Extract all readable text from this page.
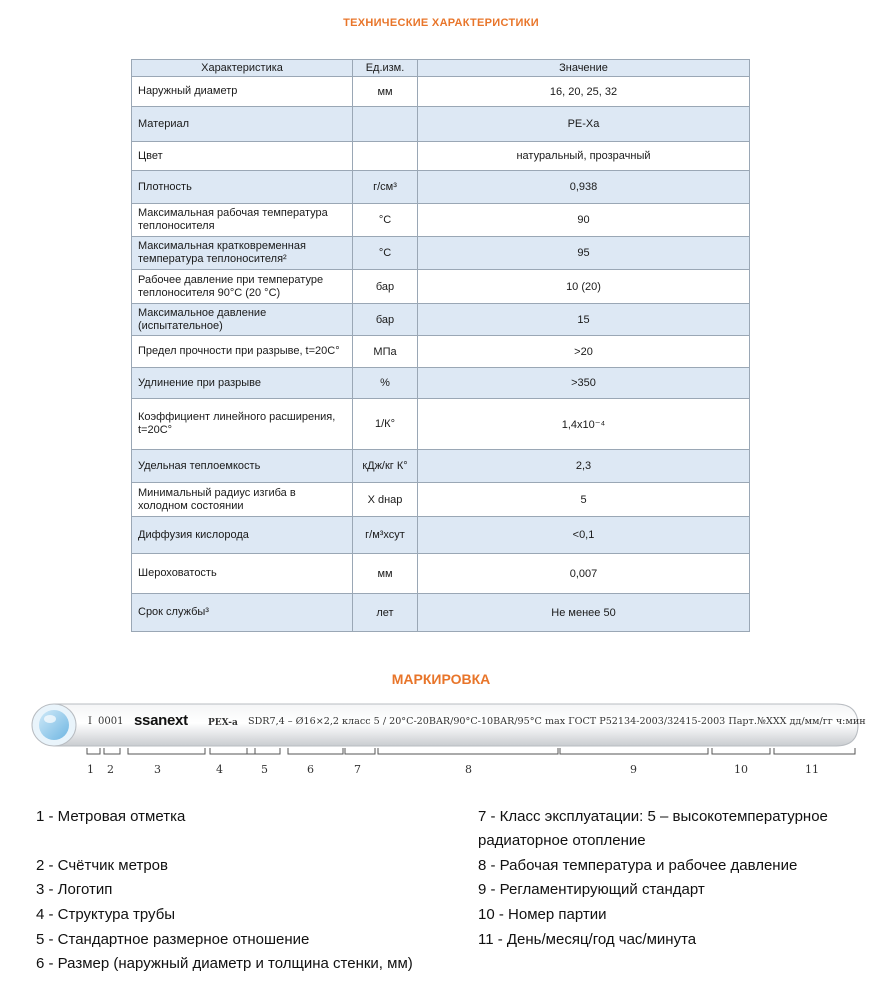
ТЕХНИЧЕСКИЕ ХАРАКТЕРИСТИКИ
Характеристика	Ед.изм.	Значение
Наружный диаметр	мм	16, 20, 25, 32
Материал		PE-Xa
Цвет		натуральный, прозрачный
Плотность	г/см³	0,938
Максимальная рабочая температура теплоносителя	°С	90
Максимальная кратковременная температура теплоносителя²	°С	95
Рабочее давление при температуре теплоносителя 90°С (20 °С)	бар	10 (20)
Максимальное давление (испытательное)	бар	15
Предел прочности при разрыве, t=20C°	МПа	>20
Удлинение при разрыве	%	>350
Коэффициент линейного расширения, t=20C°	1/К°	1,4x10⁻⁴
Удельная теплоемкость	кДж/кг К°	2,3
Минимальный радиус изгиба в холодном состоянии	X dнар	5
Диффузия кислорода	г/м³хсут	<0,1
Шероховатость	мм	0,007
Срок службы³	лет	Не менее 50
МАРКИРОВКА
I 0001 ssanext PEX-a SDR7,4 – Ø16×2,2 класс 5 / 20°C-20BAR/90°C-10BAR/95°C max ГОСТ Р52134-2003/32415-2003 Парт.№XXX дд/мм/гг ч:мин
1 2	3	4	5	6	7	8	9	10	11
1 - Метровая отметка
2 - Счётчик метров
3 - Логотип
4 - Структура трубы
5 - Стандартное размерное отношение
6 - Размер (наружный диаметр и толщина стенки, мм)
7 - Класс эксплуатации: 5 – высокотемпературное
радиаторное отопление
8 - Рабочая температура и рабочее давление
9 - Регламентирующий стандарт
10 - Номер партии
11 - День/месяц/год час/минута
